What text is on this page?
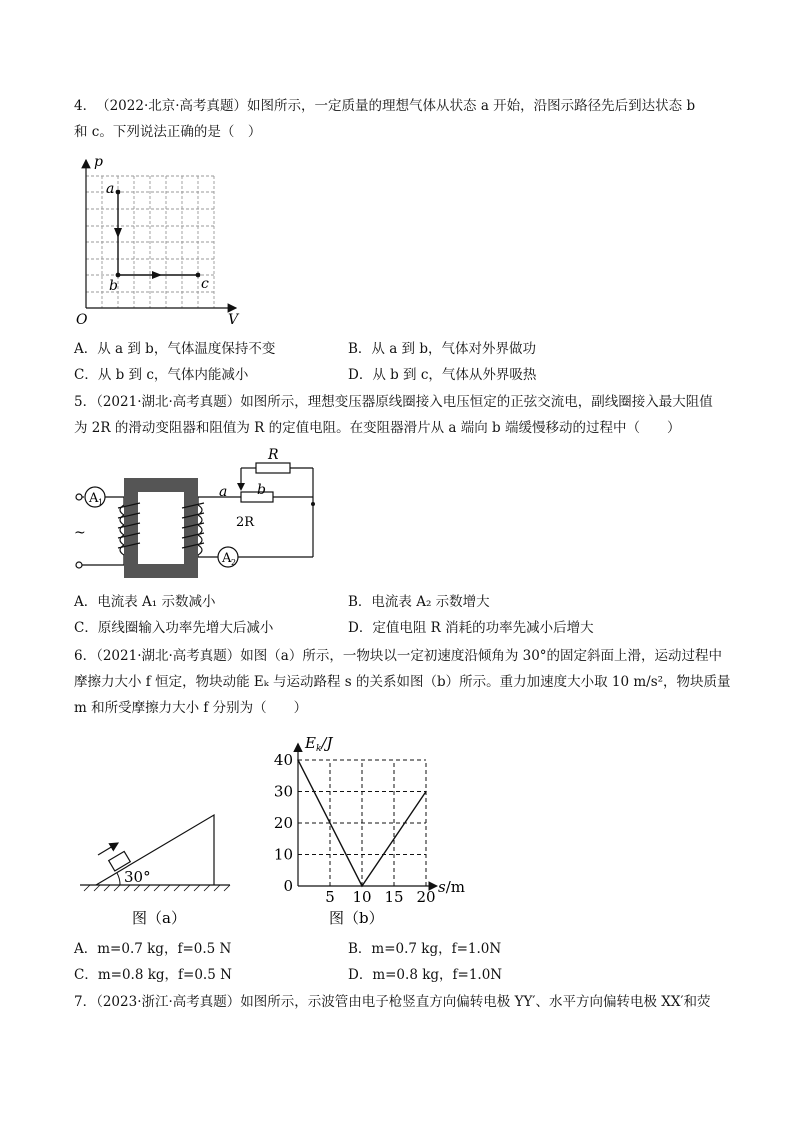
4．　（2022·北京·高考真题）如图所示，一定质量的理想气体从状态 a 开始，沿图示路径先后到达状态 b
和 c。下列说法正确的是（　）
p
V
O
a
b	c
A．从 a 到 b，气体温度保持不变	B．从 a 到 b，气体对外界做功
C．从 b 到 c，气体内能减小	D．从 b 到 c，气体从外界吸热
5．（2021·湖北·高考真题）如图所示，理想变压器原线圈接入电压恒定的正弦交流电，副线圈接入最大阻值
为 2R 的滑动变阻器和阻值为 R 的定值电阻。在变阻器滑片从 a 端向 b 端缓慢移动的过程中（　　）
A 1
A 2
R
a b
2R
~
A．电流表 A₁ 示数减小	B．电流表 A₂ 示数增大
C．原线圈输入功率先增大后减小	D．定值电阻 R 消耗的功率先减小后增大
6．（2021·湖北·高考真题）如图（a）所示，一物块以一定初速度沿倾角为 30°的固定斜面上滑，运动过程中
摩擦力大小 f 恒定，物块动能 Eₖ 与运动路程 s 的关系如图（b）所示。重力加速度大小取 10 m/s²，物块质量
m 和所受摩擦力大小 f 分别为（　　）
30°
图（a）
5 10 15 20
0
10
20
30
40
$E_k/J$
s/m
图（b）
A．m=0.7 kg，f=0.5 N	B．m=0.7 kg，f=1.0N
C．m=0.8 kg，f=0.5 N	D．m=0.8 kg，f=1.0N
7．（2023·浙江·高考真题）如图所示，示波管由电子枪竖直方向偏转电极 YY′、水平方向偏转电极 XX′和荧
